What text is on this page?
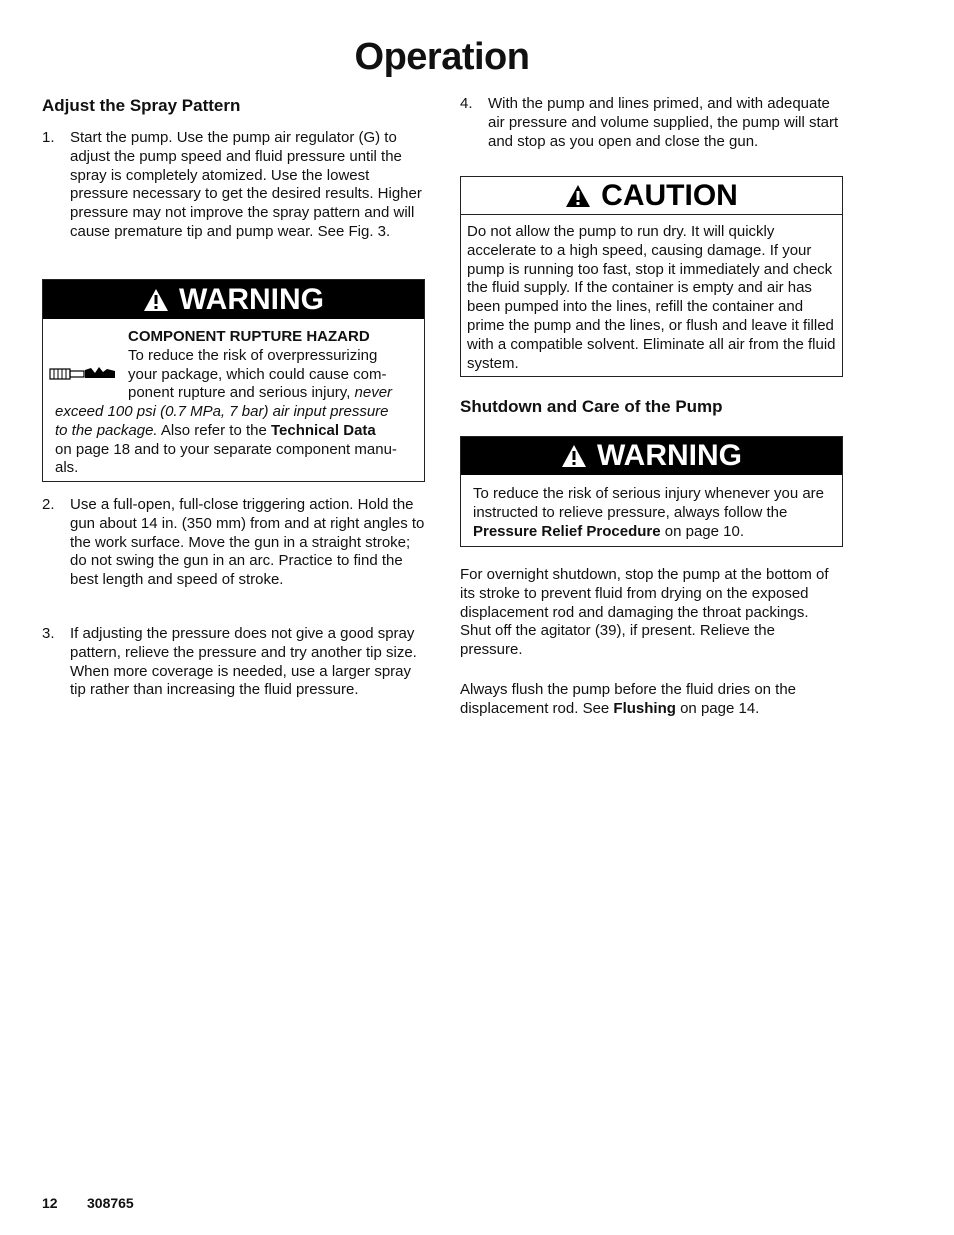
Operation
Adjust the Spray Pattern
1.	Start the pump. Use the pump air regulator (G) to adjust the pump speed and fluid pressure until the spray is completely atomized. Use the lowest pressure necessary to get the desired results. Higher pressure may not improve the spray pattern and will cause premature tip and pump wear. See Fig. 3.
WARNING
COMPONENT RUPTURE HAZARD
To reduce the risk of overpressurizing
your package, which could cause com-
ponent rupture and serious injury, never
exceed 100 psi (0.7 MPa, 7 bar) air input pressure
to the package. Also refer to the Technical Data
on page 18 and to your separate component manu-
als.
2.	Use a full-open, full-close triggering action. Hold the gun about 14 in. (350 mm) from and at right angles to the work surface. Move the gun in a straight stroke; do not swing the gun in an arc. Practice to find the best length and speed of stroke.
3.	If adjusting the pressure does not give a good spray pattern, relieve the pressure and try another tip size. When more coverage is needed, use a larger spray tip rather than increasing the fluid pressure.
4.	With the pump and lines primed, and with adequate air pressure and volume supplied, the pump will start and stop as you open and close the gun.
CAUTION
Do not allow the pump to run dry. It will quickly accelerate to a high speed, causing damage. If your pump is running too fast, stop it immediately and check the fluid supply. If the container is empty and air has been pumped into the lines, refill the container and prime the pump and the lines, or flush and leave it filled with a compatible solvent. Eliminate all air from the fluid system.
Shutdown and Care of the Pump
WARNING
To reduce the risk of serious injury whenever you are instructed to relieve pressure, always follow the Pressure Relief Procedure on page 10.
For overnight shutdown, stop the pump at the bottom of its stroke to prevent fluid from drying on the exposed displacement rod and damaging the throat packings. Shut off the agitator (39), if present. Relieve the pressure.
Always flush the pump before the fluid dries on the displacement rod. See Flushing on page 14.
12 308765
